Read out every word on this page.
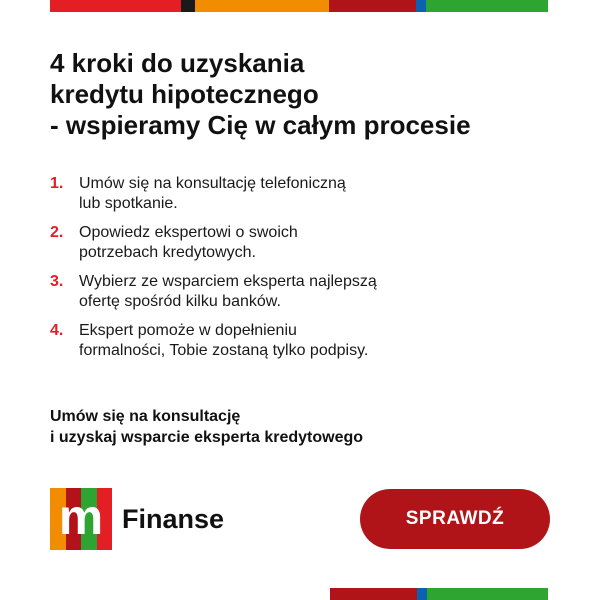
4 kroki do uzyskania
kredytu hipotecznego
- wspieramy Cię w całym procesie
1. Umów się na konsultację telefoniczną
lub spotkanie.
2. Opowiedz ekspertowi o swoich
potrzebach kredytowych.
3. Wybierz ze wsparciem eksperta najlepszą
ofertę spośród kilku banków.
4. Ekspert pomoże w dopełnieniu
formalności, Tobie zostaną tylko podpisy.
Umów się na konsultację
i uzyskaj wsparcie eksperta kredytowego
m Finanse	SPRAWDŹ
